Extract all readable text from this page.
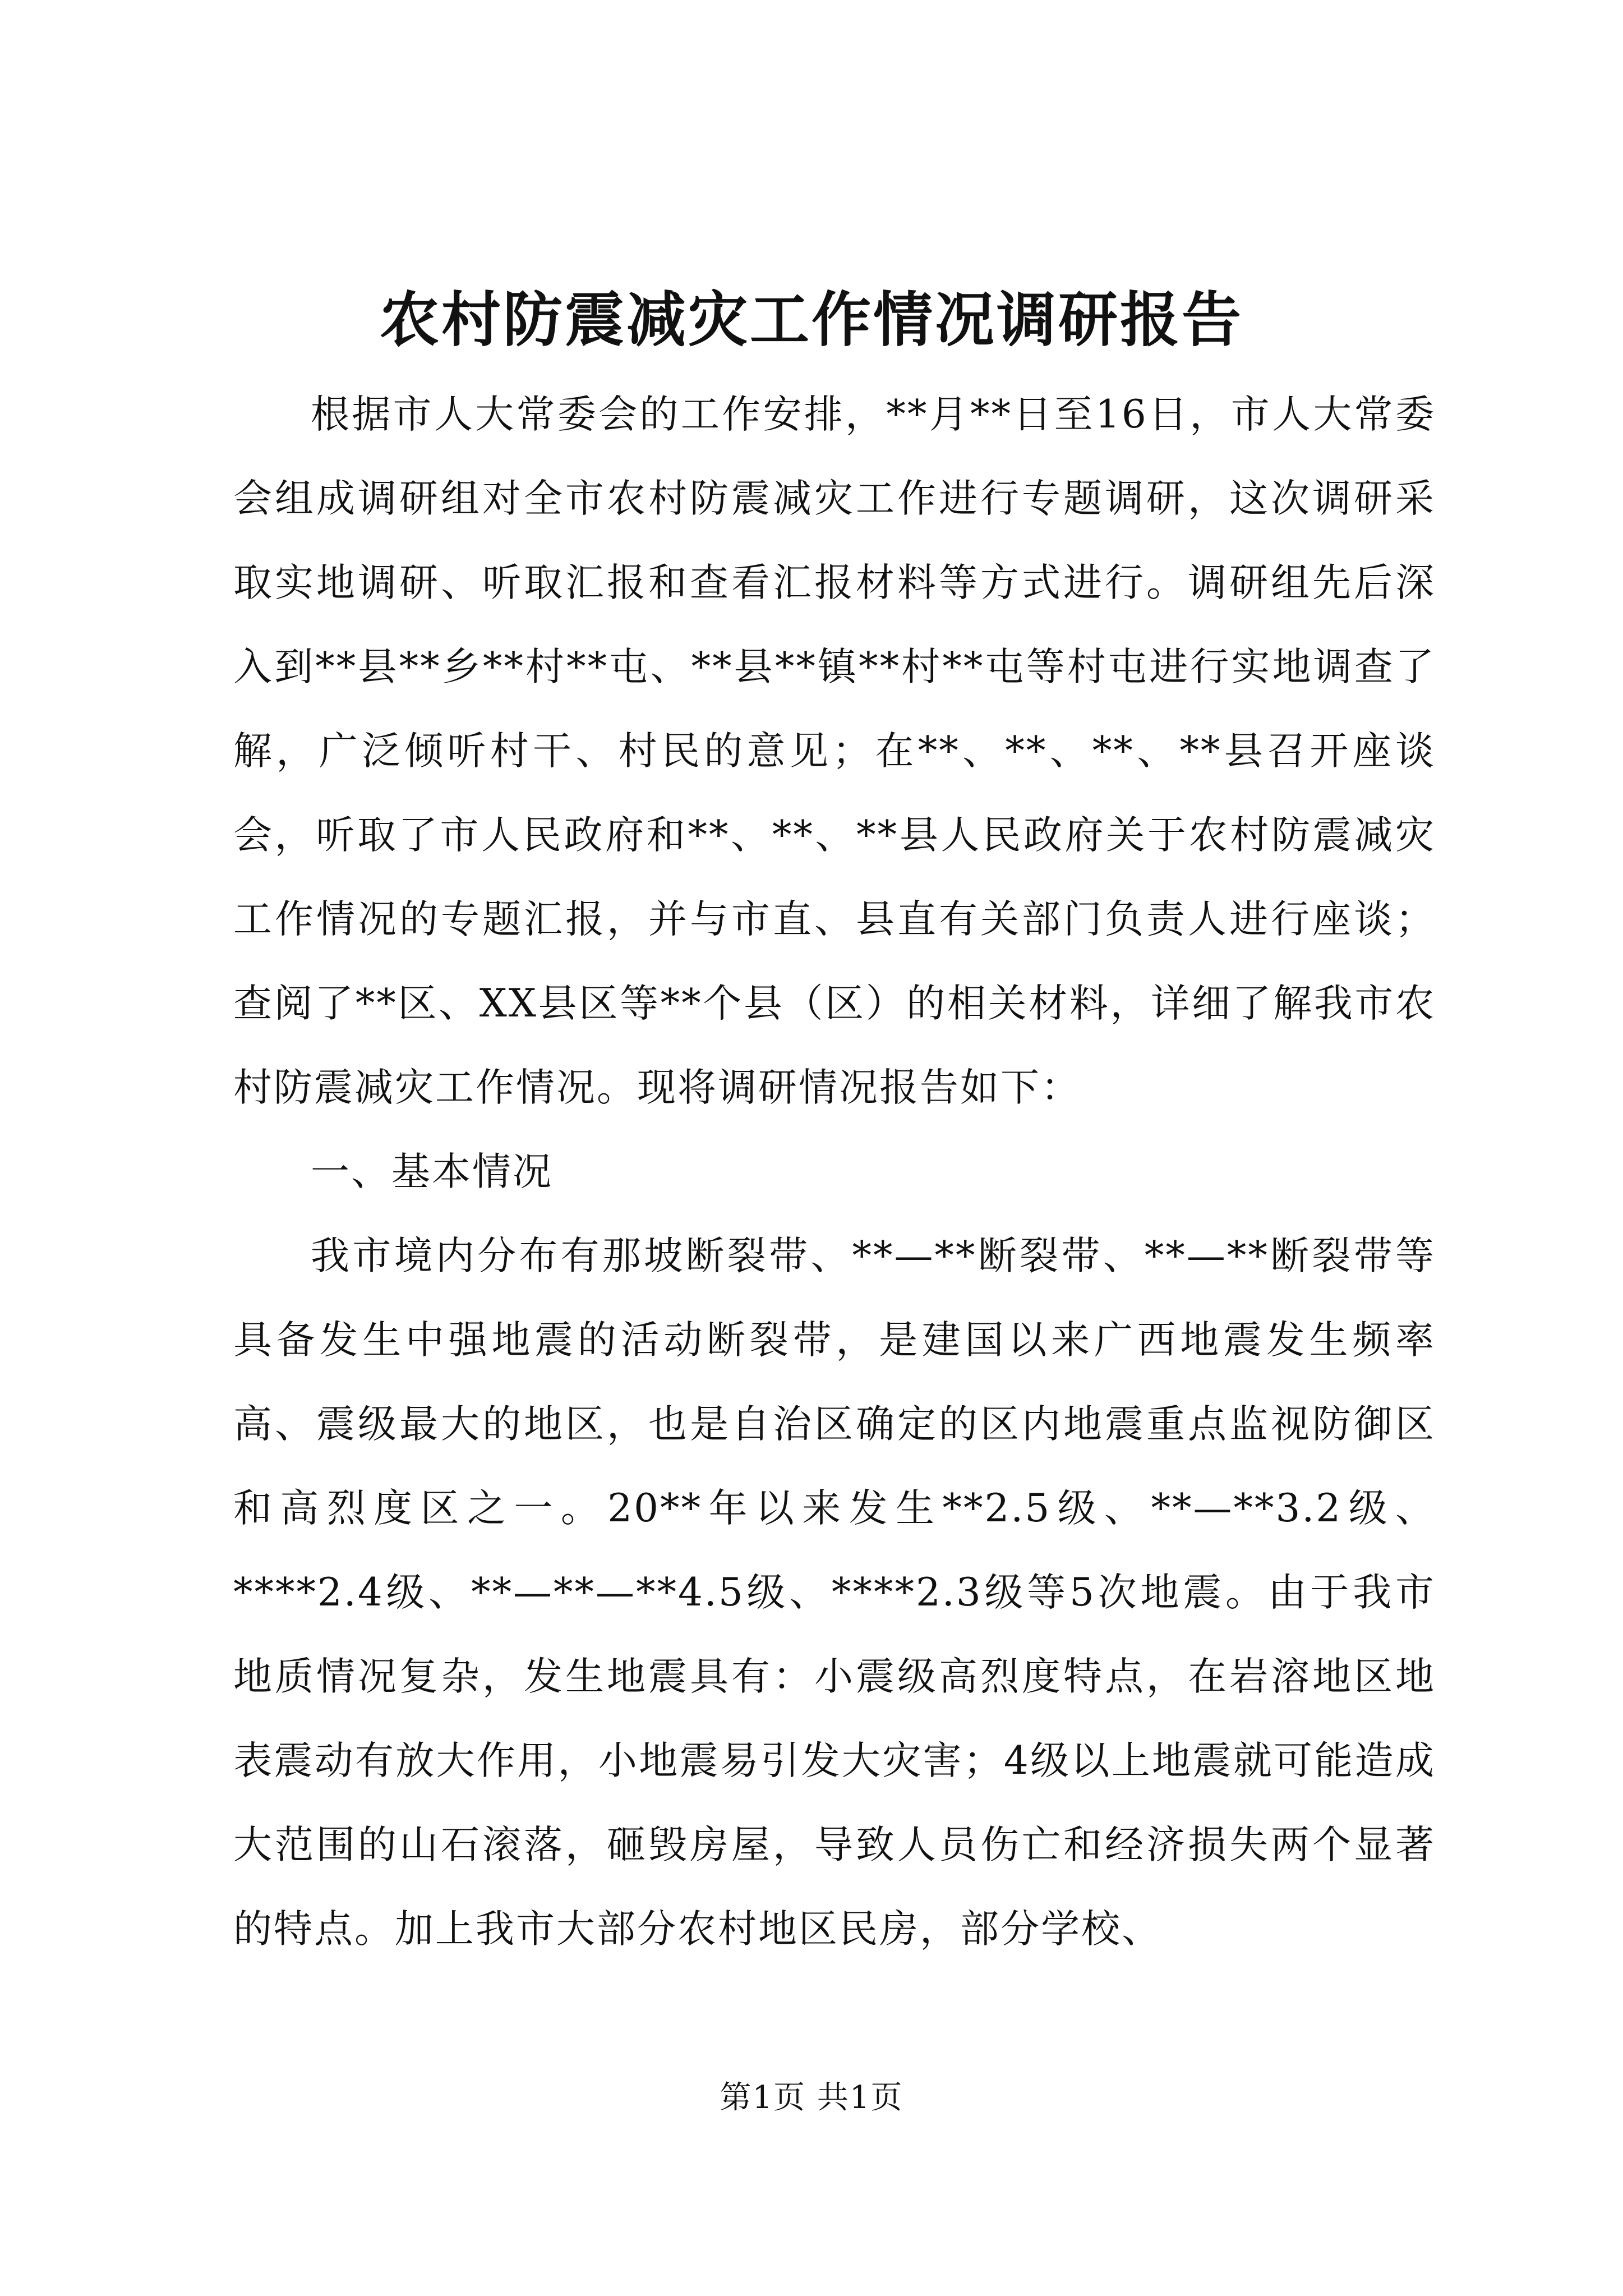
农村防震减灾工作情况调研报告

根据市人大常委会的工作安排，**月**日至16日，市人大常委会组成调研组对全市农村防震减灾工作进行专题调研，这次调研采取实地调研、听取汇报和查看汇报材料等方式进行。调研组先后深入到**县**乡**村**屯、**县**镇**村**屯等村屯进行实地调查了解，广泛倾听村干、村民的意见；在**、**、**、**县召开座谈会，听取了市人民政府和**、**、**县人民政府关于农村防震减灾工作情况的专题汇报，并与市直、县直有关部门负责人进行座谈；查阅了**区、XX县区等**个县（区）的相关材料，详细了解我市农村防震减灾工作情况。现将调研情况报告如下：

一、基本情况

我市境内分布有那坡断裂带、**—**断裂带、**—**断裂带等具备发生中强地震的活动断裂带，是建国以来广西地震发生频率高、震级最大的地区，也是自治区确定的区内地震重点监视防御区和高烈度区之一。20**年以来发生**2.5级、**—**3.2级、****2.4级、**—**—**4.5级、****2.3级等5次地震。由于我市地质情况复杂，发生地震具有：小震级高烈度特点，在岩溶地区地表震动有放大作用，小地震易引发大灾害；4级以上地震就可能造成大范围的山石滚落，砸毁房屋，导致人员伤亡和经济损失两个显著的特点。加上我市大部分农村地区民房，部分学校、

第1页 共1页
